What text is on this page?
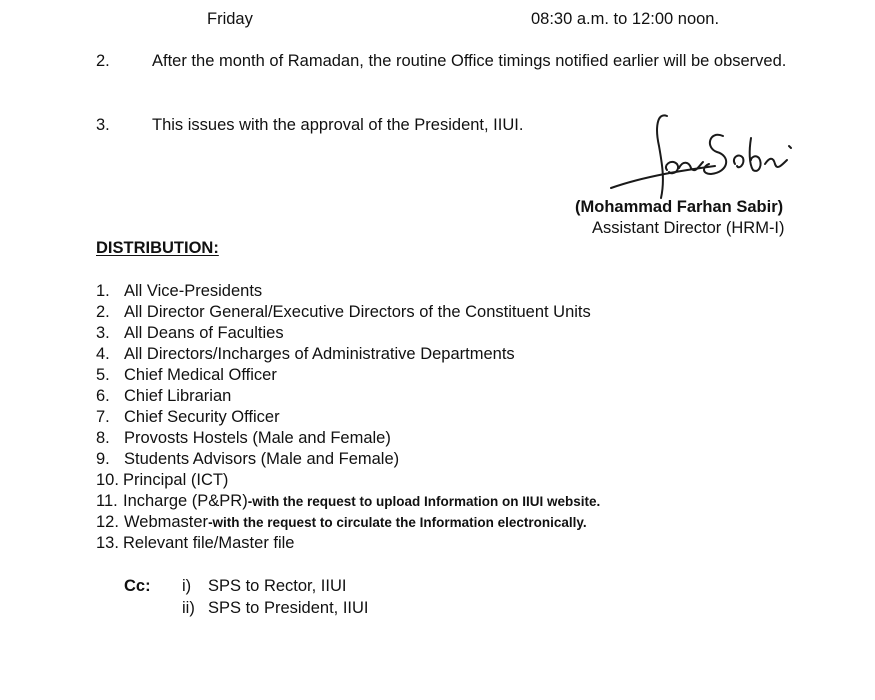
Friday	08:30 a.m. to 12:00 noon.
2.	After the month of Ramadan, the routine Office timings notified earlier will be observed.
3.	This issues with the approval of the President, IIUI.
(Mohammad Farhan Sabir)
Assistant Director (HRM-I)
DISTRIBUTION:
1. All Vice-Presidents
2. All Director General/Executive Directors of the Constituent Units
3. All Deans of Faculties
4. All Directors/Incharges of Administrative Departments
5. Chief Medical Officer
6. Chief Librarian
7. Chief Security Officer
8. Provosts Hostels (Male and Female)
9. Students Advisors (Male and Female)
10. Principal (ICT)
11. Incharge (P&PR)-with the request to upload Information on IIUI website.
12. Webmaster-with the request to circulate the Information electronically.
13. Relevant file/Master file
Cc: i) SPS to Rector, IIUI
ii) SPS to President, IIUI
